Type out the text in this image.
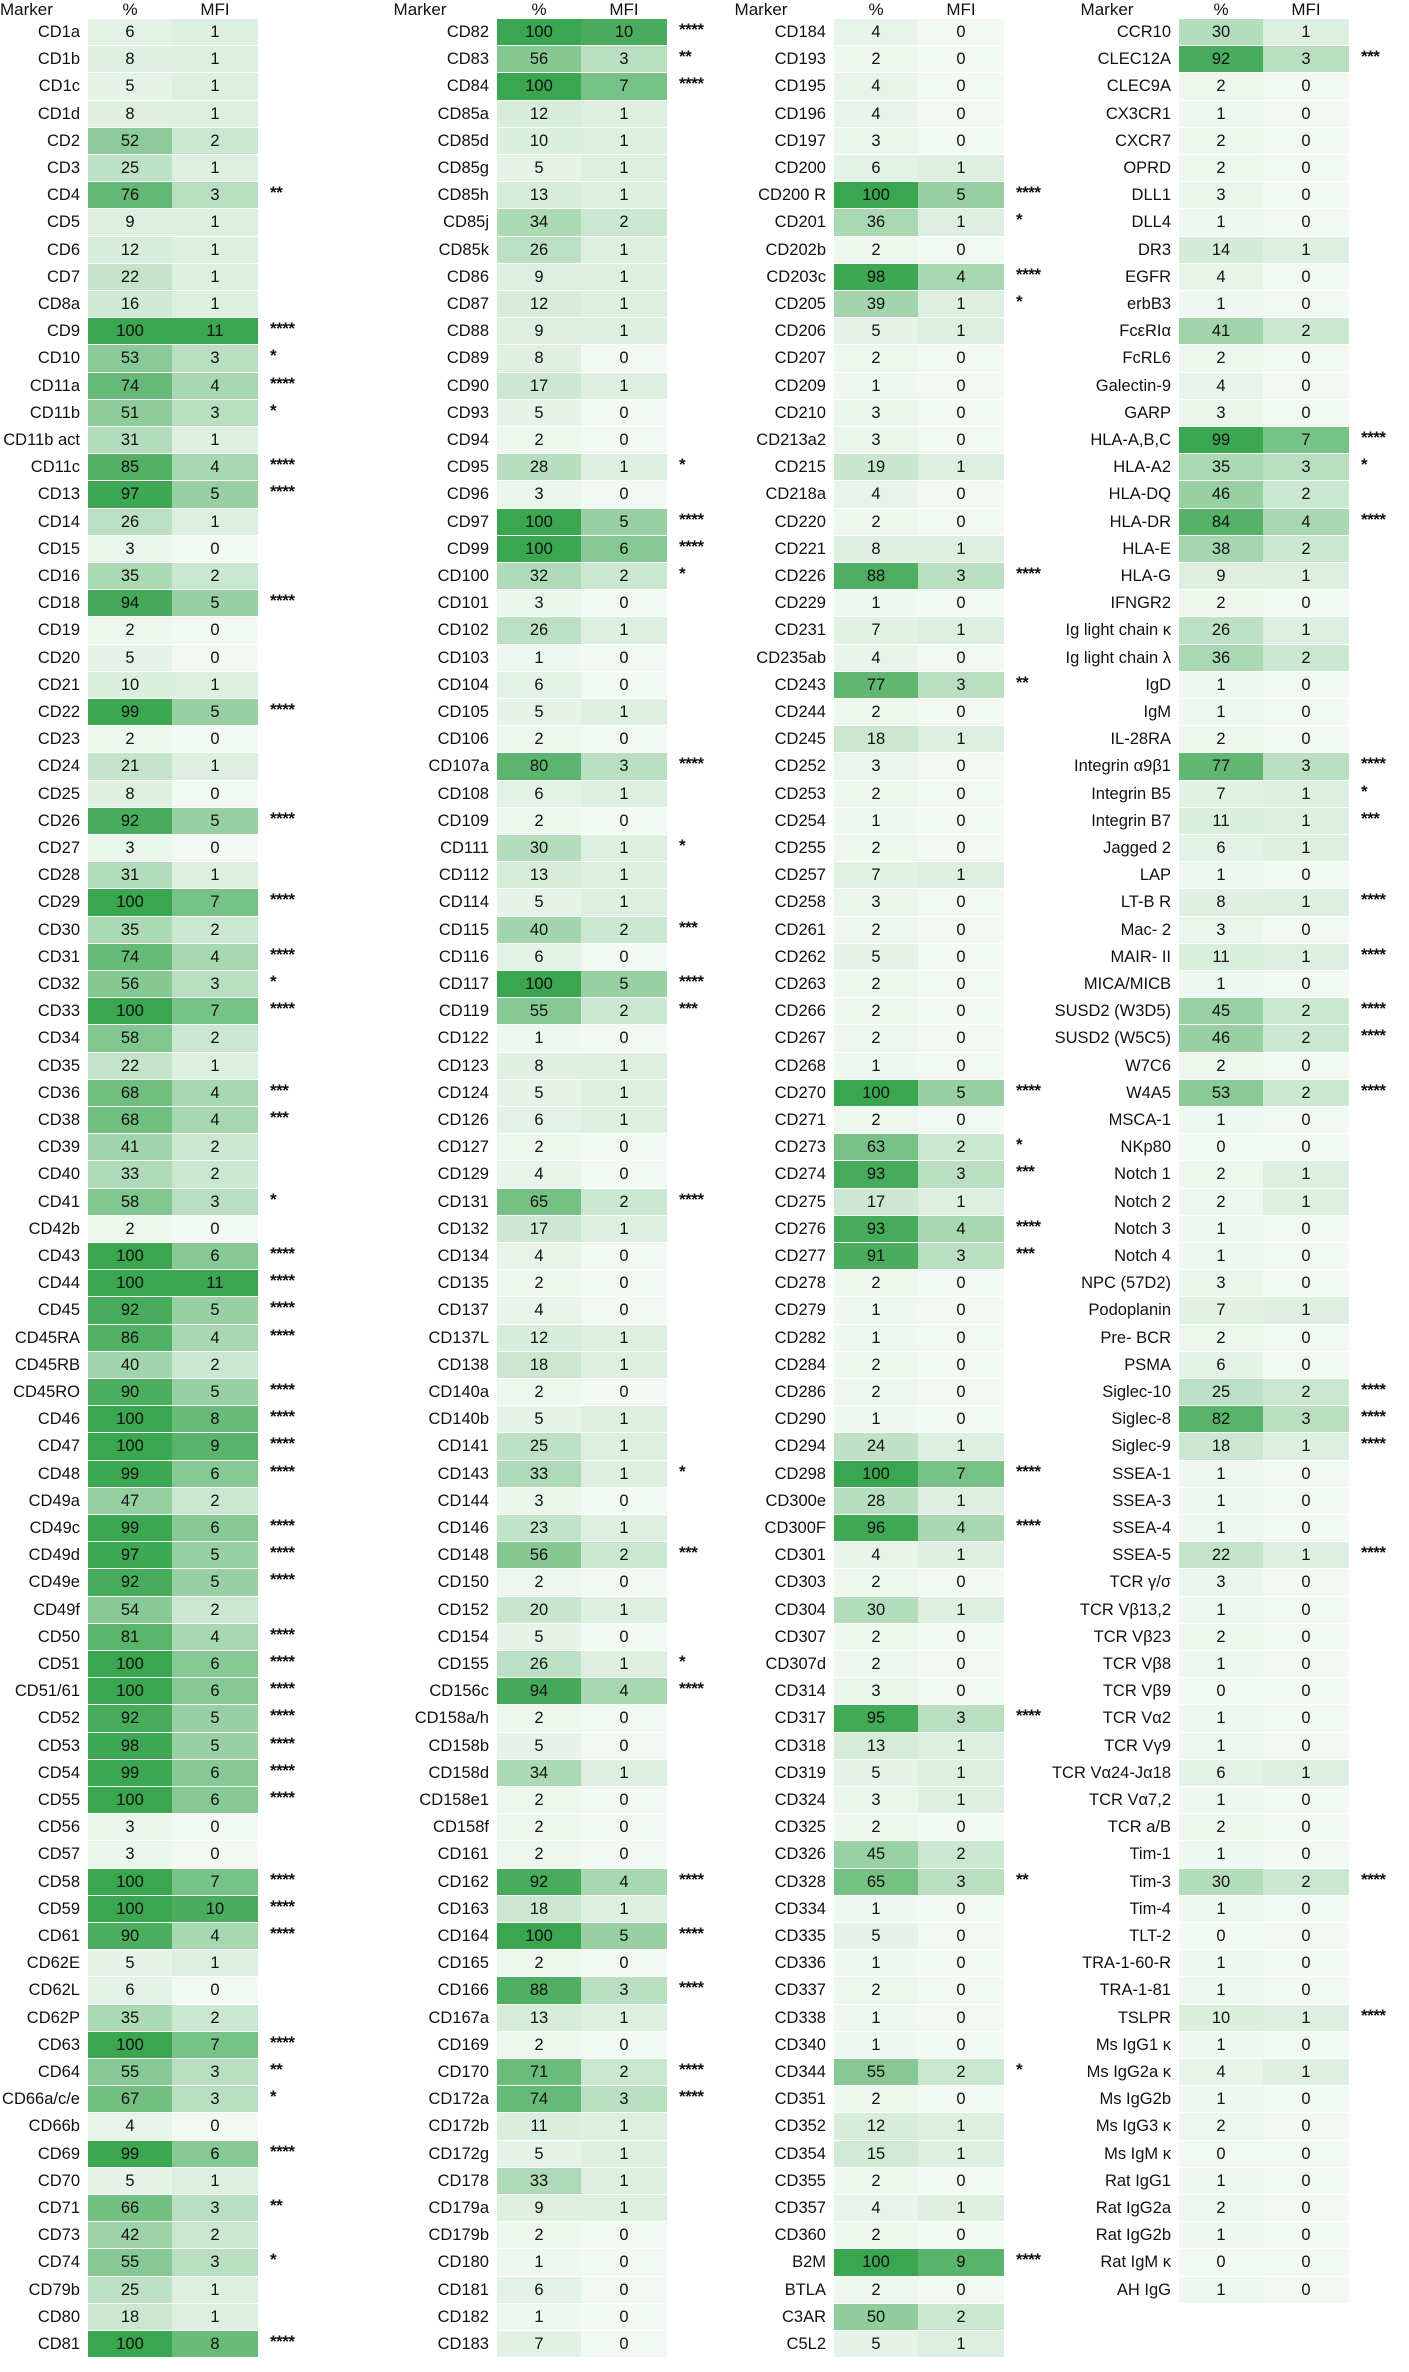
Marker	%	MFI
CD1a	6	1
CD1b	8	1
CD1c	5	1
CD1d	8	1
CD2	52	2
CD3	25	1
CD4	76	3	**
CD5	9	1
CD6	12	1
CD7	22	1
CD8a	16	1
CD9	100	11	****
CD10	53	3	*
CD11a	74	4	****
CD11b	51	3	*
CD11b act	31	1
CD11c	85	4	****
CD13	97	5	****
CD14	26	1
CD15	3	0
CD16	35	2
CD18	94	5	****
CD19	2	0
CD20	5	0
CD21	10	1
CD22	99	5	****
CD23	2	0
CD24	21	1
CD25	8	0
CD26	92	5	****
CD27	3	0
CD28	31	1
CD29	100	7	****
CD30	35	2
CD31	74	4	****
CD32	56	3	*
CD33	100	7	****
CD34	58	2
CD35	22	1
CD36	68	4	***
CD38	68	4	***
CD39	41	2
CD40	33	2
CD41	58	3	*
CD42b	2	0
CD43	100	6	****
CD44	100	11	****
CD45	92	5	****
CD45RA	86	4	****
CD45RB	40	2
CD45RO	90	5	****
CD46	100	8	****
CD47	100	9	****
CD48	99	6	****
CD49a	47	2
CD49c	99	6	****
CD49d	97	5	****
CD49e	92	5	****
CD49f	54	2
CD50	81	4	****
CD51	100	6	****
CD51/61	100	6	****
CD52	92	5	****
CD53	98	5	****
CD54	99	6	****
CD55	100	6	****
CD56	3	0
CD57	3	0
CD58	100	7	****
CD59	100	10	****
CD61	90	4	****
CD62E	5	1
CD62L	6	0
CD62P	35	2
CD63	100	7	****
CD64	55	3	**
CD66a/c/e	67	3	*
CD66b	4	0
CD69	99	6	****
CD70	5	1
CD71	66	3	**
CD73	42	2
CD74	55	3	*
CD79b	25	1
CD80	18	1
CD81	100	8	****
Marker	%	MFI
CD82	100	10	****
CD83	56	3	**
CD84	100	7	****
CD85a	12	1
CD85d	10	1
CD85g	5	1
CD85h	13	1
CD85j	34	2
CD85k	26	1
CD86	9	1
CD87	12	1
CD88	9	1
CD89	8	0
CD90	17	1
CD93	5	0
CD94	2	0
CD95	28	1	*
CD96	3	0
CD97	100	5	****
CD99	100	6	****
CD100	32	2	*
CD101	3	0
CD102	26	1
CD103	1	0
CD104	6	0
CD105	5	1
CD106	2	0
CD107a	80	3	****
CD108	6	1
CD109	2	0
CD111	30	1	*
CD112	13	1
CD114	5	1
CD115	40	2	***
CD116	6	0
CD117	100	5	****
CD119	55	2	***
CD122	1	0
CD123	8	1
CD124	5	1
CD126	6	1
CD127	2	0
CD129	4	0
CD131	65	2	****
CD132	17	1
CD134	4	0
CD135	2	0
CD137	4	0
CD137L	12	1
CD138	18	1
CD140a	2	0
CD140b	5	1
CD141	25	1
CD143	33	1	*
CD144	3	0
CD146	23	1
CD148	56	2	***
CD150	2	0
CD152	20	1
CD154	5	0
CD155	26	1	*
CD156c	94	4	****
CD158a/h	2	0
CD158b	5	0
CD158d	34	1
CD158e1	2	0
CD158f	2	0
CD161	2	0
CD162	92	4	****
CD163	18	1
CD164	100	5	****
CD165	2	0
CD166	88	3	****
CD167a	13	1
CD169	2	0
CD170	71	2	****
CD172a	74	3	****
CD172b	11	1
CD172g	5	1
CD178	33	1
CD179a	9	1
CD179b	2	0
CD180	1	0
CD181	6	0
CD182	1	0
CD183	7	0
Marker	%	MFI
CD184	4	0
CD193	2	0
CD195	4	0
CD196	4	0
CD197	3	0
CD200	6	1
CD200 R	100	5	****
CD201	36	1	*
CD202b	2	0
CD203c	98	4	****
CD205	39	1	*
CD206	5	1
CD207	2	0
CD209	1	0
CD210	3	0
CD213a2	3	0
CD215	19	1
CD218a	4	0
CD220	2	0
CD221	8	1
CD226	88	3	****
CD229	1	0
CD231	7	1
CD235ab	4	0
CD243	77	3	**
CD244	2	0
CD245	18	1
CD252	3	0
CD253	2	0
CD254	1	0
CD255	2	0
CD257	7	1
CD258	3	0
CD261	2	0
CD262	5	0
CD263	2	0
CD266	2	0
CD267	2	0
CD268	1	0
CD270	100	5	****
CD271	2	0
CD273	63	2	*
CD274	93	3	***
CD275	17	1
CD276	93	4	****
CD277	91	3	***
CD278	2	0
CD279	1	0
CD282	1	0
CD284	2	0
CD286	2	0
CD290	1	0
CD294	24	1
CD298	100	7	****
CD300e	28	1
CD300F	96	4	****
CD301	4	1
CD303	2	0
CD304	30	1
CD307	2	0
CD307d	2	0
CD314	3	0
CD317	95	3	****
CD318	13	1
CD319	5	1
CD324	3	1
CD325	2	0
CD326	45	2
CD328	65	3	**
CD334	1	0
CD335	5	0
CD336	1	0
CD337	2	0
CD338	1	0
CD340	1	0
CD344	55	2	*
CD351	2	0
CD352	12	1
CD354	15	1
CD355	2	0
CD357	4	1
CD360	2	0
B2M	100	9	****
BTLA	2	0
C3AR	50	2
C5L2	5	1
Marker	%	MFI
CCR10	30	1
CLEC12A	92	3	***
CLEC9A	2	0
CX3CR1	1	0
CXCR7	2	0
OPRD	2	0
DLL1	3	0
DLL4	1	0
DR3	14	1
EGFR	4	0
erbB3	1	0
FcεRIα	41	2
FcRL6	2	0
Galectin-9	4	0
GARP	3	0
HLA-A,B,C	99	7	****
HLA-A2	35	3	*
HLA-DQ	46	2
HLA-DR	84	4	****
HLA-E	38	2
HLA-G	9	1
IFNGR2	2	0
Ig light chain κ	26	1
Ig light chain λ	36	2
IgD	1	0
IgM	1	0
IL-28RA	2	0
Integrin α9β1	77	3	****
Integrin B5	7	1	*
Integrin B7	11	1	***
Jagged 2	6	1
LAP	1	0
LT-B R	8	1	****
Mac- 2	3	0
MAIR- II	11	1	****
MICA/MICB	1	0
SUSD2 (W3D5)	45	2	****
SUSD2 (W5C5)	46	2	****
W7C6	2	0
W4A5	53	2	****
MSCA-1	1	0
NKp80	0	0
Notch 1	2	1
Notch 2	2	1
Notch 3	1	0
Notch 4	1	0
NPC (57D2)	3	0
Podoplanin	7	1
Pre- BCR	2	0
PSMA	6	0
Siglec-10	25	2	****
Siglec-8	82	3	****
Siglec-9	18	1	****
SSEA-1	1	0
SSEA-3	1	0
SSEA-4	1	0
SSEA-5	22	1	****
TCR γ/σ	3	0
TCR Vβ13,2	1	0
TCR Vβ23	2	0
TCR Vβ8	1	0
TCR Vβ9	0	0
TCR Vα2	1	0
TCR Vγ9	1	0
TCR Vα24-Jα18	6	1
TCR Vα7,2	1	0
TCR a/B	2	0
Tim-1	1	0
Tim-3	30	2	****
Tim-4	1	0
TLT-2	0	0
TRA-1-60-R	1	0
TRA-1-81	1	0
TSLPR	10	1	****
Ms IgG1 κ	1	0
Ms IgG2a κ	4	1
Ms IgG2b	1	0
Ms IgG3 κ	2	0
Ms IgM κ	0	0
Rat IgG1	1	0
Rat IgG2a	2	0
Rat IgG2b	1	0
Rat IgM κ	0	0
AH IgG	1	0
